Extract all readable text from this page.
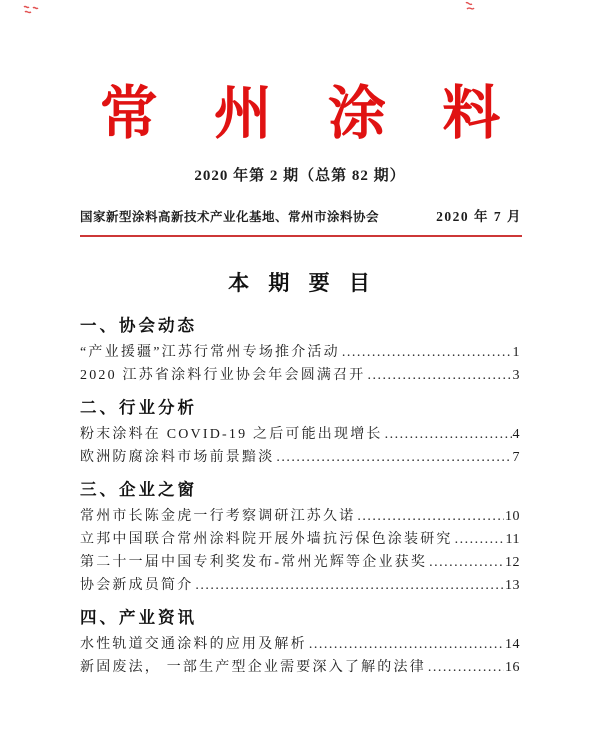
常 州 涂 料
2020 年第 2 期（总第 82 期）
国家新型涂料高新技术产业化基地、常州市涂料协会	2020 年 7 月
本 期 要 目
一、协会动态
“产业援疆”江苏行常州专场推介活动 .....	1
2020 江苏省涂料行业协会年会圆满召开 .....	3
二、行业分析
粉末涂料在 COVID-19 之后可能出现增长 .....	4
欧洲防腐涂料市场前景黯淡 .....	7
三、企业之窗
常州市长陈金虎一行考察调研江苏久诺 .....	10
立邦中国联合常州涂料院开展外墙抗污保色涂装研究 .....	11
第二十一届中国专利奖发布-常州光辉等企业获奖 .....	12
协会新成员简介 .....	13
四、产业资讯
水性轨道交通涂料的应用及解析 .....	14
新固废法， 一部生产型企业需要深入了解的法律 .....	16
